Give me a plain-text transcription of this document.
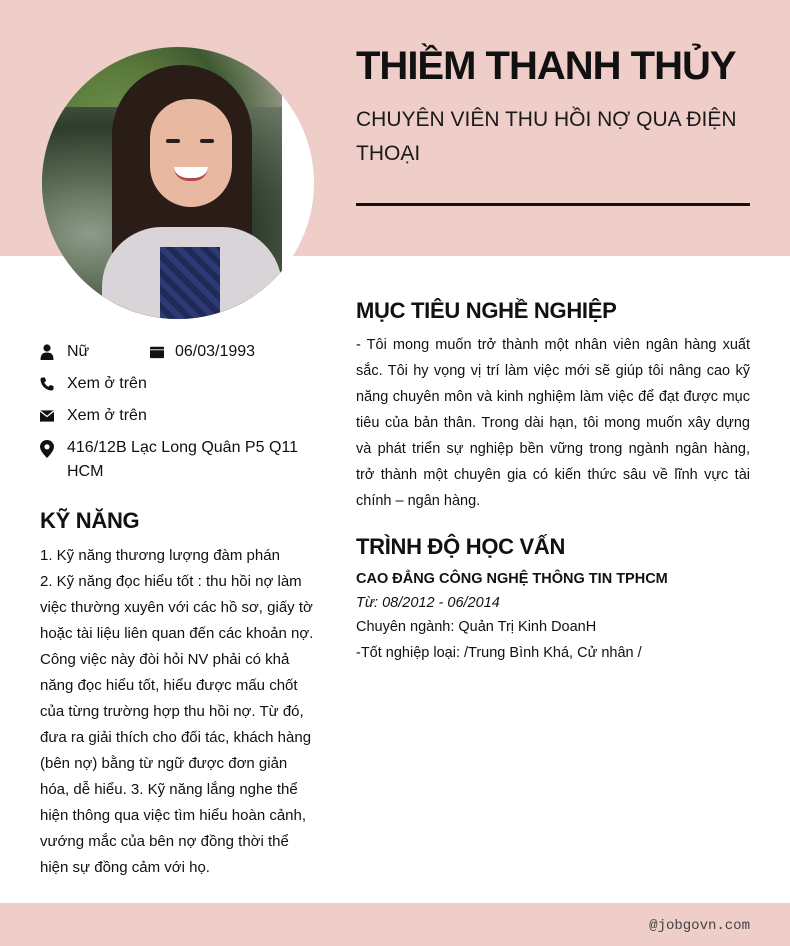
THIỀM THANH THỦY
CHUYÊN VIÊN THU HỒI NỢ QUA ĐIỆN THOẠI
Nữ	06/03/1993
Xem ở trên
Xem ở trên
416/12B Lạc Long Quân P5 Q11 HCM
KỸ NĂNG
1. Kỹ năng thương lượng đàm phán
2. Kỹ năng đọc hiểu tốt : thu hồi nợ làm việc thường xuyên với các hồ sơ, giấy tờ hoặc tài liệu liên quan đến các khoản nợ. Công việc này đòi hỏi NV phải có khả năng đọc hiểu tốt, hiểu được mấu chốt của từng trường hợp thu hồi nợ. Từ đó, đưa ra giải thích cho đối tác, khách hàng (bên nợ) bằng từ ngữ được đơn giản hóa, dễ hiểu. 3. Kỹ năng lắng nghe thể hiện thông qua việc tìm hiểu hoàn cảnh, vướng mắc của bên nợ đồng thời thể hiện sự đồng cảm với họ.
MỤC TIÊU NGHỀ NGHIỆP
- Tôi mong muốn trở thành một nhân viên ngân hàng xuất sắc. Tôi hy vọng vị trí làm việc mới sẽ giúp tôi nâng cao kỹ năng chuyên môn và kinh nghiệm làm việc để đạt được mục tiêu của bản thân. Trong dài hạn, tôi mong muốn xây dựng và phát triển sự nghiệp bền vững trong ngành ngân hàng, trở thành một chuyên gia có kiến thức sâu về lĩnh vực tài chính – ngân hàng.
TRÌNH ĐỘ HỌC VẤN
CAO ĐẲNG CÔNG NGHỆ THÔNG TIN TPHCM
Từ: 08/2012 - 06/2014
Chuyên ngành: Quản Trị Kinh DoanH
-Tốt nghiệp loại: /Trung Bình Khá, Cử nhân /
@jobgovn.com
